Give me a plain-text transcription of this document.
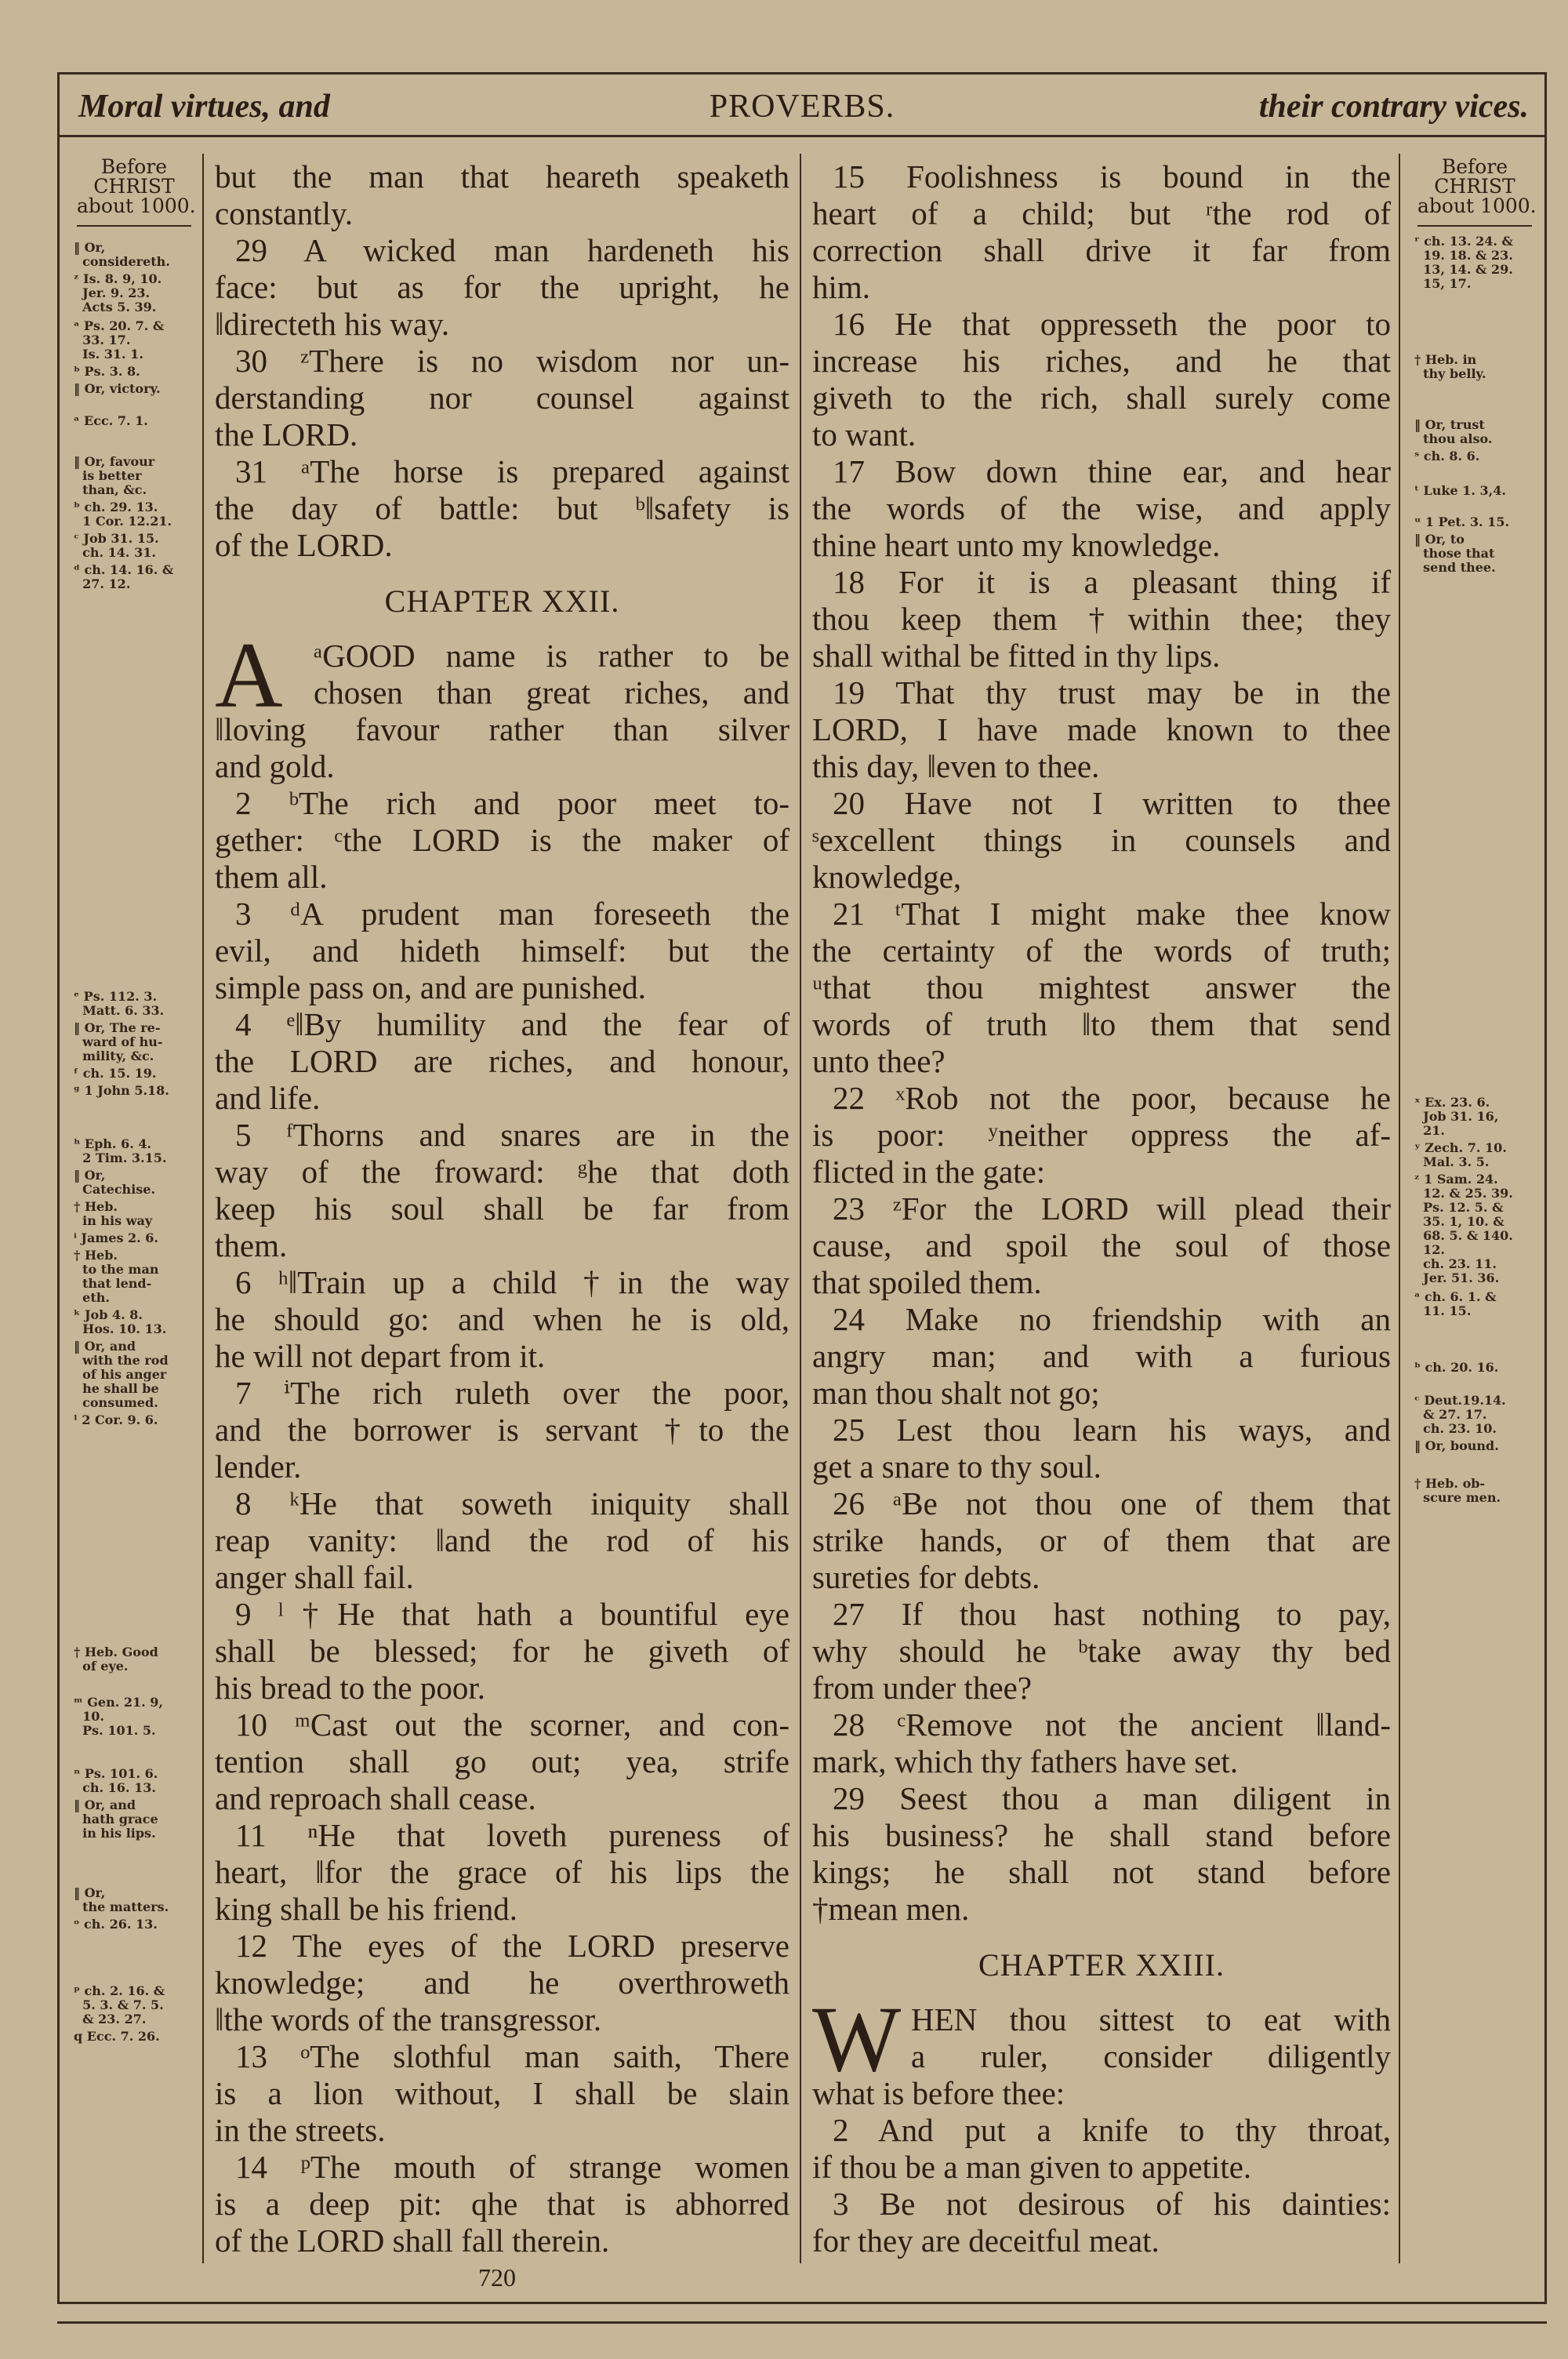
Moral virtues, and	PROVERBS.	their contrary vices.
Before
CHRIST
about 1000.
‖ Or,
considereth.
ᶻ Is. 8. 9, 10.
Jer. 9. 23.
Acts 5. 39.
ᵃ Ps. 20. 7. &
33. 17.
Is. 31. 1.
ᵇ Ps. 3. 8.
‖ Or, victory.
ᵃ Ecc. 7. 1.
‖ Or, favour
is better
than, &c.
ᵇ ch. 29. 13.
1 Cor. 12.21.
ᶜ Job 31. 15.
ch. 14. 31.
ᵈ ch. 14. 16. &
27. 12.
ᵉ Ps. 112. 3.
Matt. 6. 33.
‖ Or, The re-
ward of hu-
mility, &c.
ᶠ ch. 15. 19.
ᵍ 1 John 5.18.
ʰ Eph. 6. 4.
2 Tim. 3.15.
‖ Or,
Catechise.
† Heb.
in his way
ⁱ James 2. 6.
† Heb.
to the man
that lend-
eth.
ᵏ Job 4. 8.
Hos. 10. 13.
‖ Or, and
with the rod
of his anger
he shall be
consumed.
ˡ 2 Cor. 9. 6.
† Heb. Good
of eye.
ᵐ Gen. 21. 9,
10.
Ps. 101. 5.
ⁿ Ps. 101. 6.
ch. 16. 13.
‖ Or, and
hath grace
in his lips.
‖ Or,
the matters.
ᵒ ch. 26. 13.
ᵖ ch. 2. 16. &
5. 3. & 7. 5.
& 23. 27.
q Ecc. 7. 26.
Before
CHRIST
about 1000.
ʳ ch. 13. 24. &
19. 18. & 23.
13, 14. & 29.
15, 17.
† Heb. in
thy belly.
‖ Or, trust
thou also.
ˢ ch. 8. 6.
ᵗ Luke 1. 3,4.
ᵘ 1 Pet. 3. 15.
‖ Or, to
those that
send thee.
ˣ Ex. 23. 6.
Job 31. 16,
21.
ʸ Zech. 7. 10.
Mal. 3. 5.
ᶻ 1 Sam. 24.
12. & 25. 39.
Ps. 12. 5. &
35. 1, 10. &
68. 5. & 140.
12.
ch. 23. 11.
Jer. 51. 36.
ᵃ ch. 6. 1. &
11. 15.
ᵇ ch. 20. 16.
ᶜ Deut.19.14.
& 27. 17.
ch. 23. 10.
‖ Or, bound.
† Heb. ob-
scure men.
but the man that heareth speaketh
constantly.
29 A wicked man hardeneth his
face: but as for the upright, he
‖directeth his way.
30 ᶻThere is no wisdom nor un-
derstanding nor counsel against
the LORD.
31 ᵃThe horse is prepared against
the day of battle: but ᵇ‖safety is
of the LORD.
CHAPTER XXII.
A ᵃGOOD name is rather to be
chosen than great riches, and
‖loving favour rather than silver
and gold.
2 ᵇThe rich and poor meet to-
gether: ᶜthe LORD is the maker of
them all.
3 ᵈA prudent man foreseeth the
evil, and hideth himself: but the
simple pass on, and are punished.
4 ᵉ‖By humility and the fear of
the LORD are riches, and honour,
and life.
5 ᶠThorns and snares are in the
way of the froward: ᵍhe that doth
keep his soul shall be far from
them.
6 ʰ‖Train up a child †in the way
he should go: and when he is old,
he will not depart from it.
7 ⁱThe rich ruleth over the poor,
and the borrower is servant †to the
lender.
8 ᵏHe that soweth iniquity shall
reap vanity: ‖and the rod of his
anger shall fail.
9 ˡ†He that hath a bountiful eye
shall be blessed; for he giveth of
his bread to the poor.
10 ᵐCast out the scorner, and con-
tention shall go out; yea, strife
and reproach shall cease.
11 ⁿHe that loveth pureness of
heart, ‖for the grace of his lips the
king shall be his friend.
12 The eyes of the LORD preserve
knowledge; and he overthroweth
‖the words of the transgressor.
13 ᵒThe slothful man saith, There
is a lion without, I shall be slain
in the streets.
14 ᵖThe mouth of strange women
is a deep pit: qhe that is abhorred
of the LORD shall fall therein.
15 Foolishness is bound in the
heart of a child; but ʳthe rod of
correction shall drive it far from
him.
16 He that oppresseth the poor to
increase his riches, and he that
giveth to the rich, shall surely come
to want.
17 Bow down thine ear, and hear
the words of the wise, and apply
thine heart unto my knowledge.
18 For it is a pleasant thing if
thou keep them †within thee; they
shall withal be fitted in thy lips.
19 That thy trust may be in the
LORD, I have made known to thee
this day, ‖even to thee.
20 Have not I written to thee
ˢexcellent things in counsels and
knowledge,
21 ᵗThat I might make thee know
the certainty of the words of truth;
ᵘthat thou mightest answer the
words of truth ‖to them that send
unto thee?
22 ˣRob not the poor, because he
is poor: ʸneither oppress the af-
flicted in the gate:
23 ᶻFor the LORD will plead their
cause, and spoil the soul of those
that spoiled them.
24 Make no friendship with an
angry man; and with a furious
man thou shalt not go;
25 Lest thou learn his ways, and
get a snare to thy soul.
26 ᵃBe not thou one of them that
strike hands, or of them that are
sureties for debts.
27 If thou hast nothing to pay,
why should he ᵇtake away thy bed
from under thee?
28 ᶜRemove not the ancient ‖land-
mark, which thy fathers have set.
29 Seest thou a man diligent in
his business? he shall stand before
kings; he shall not stand before
†mean men.
CHAPTER XXIII.
W HEN thou sittest to eat with
a ruler, consider diligently
what is before thee:
2 And put a knife to thy throat,
if thou be a man given to appetite.
3 Be not desirous of his dainties:
for they are deceitful meat.
720
